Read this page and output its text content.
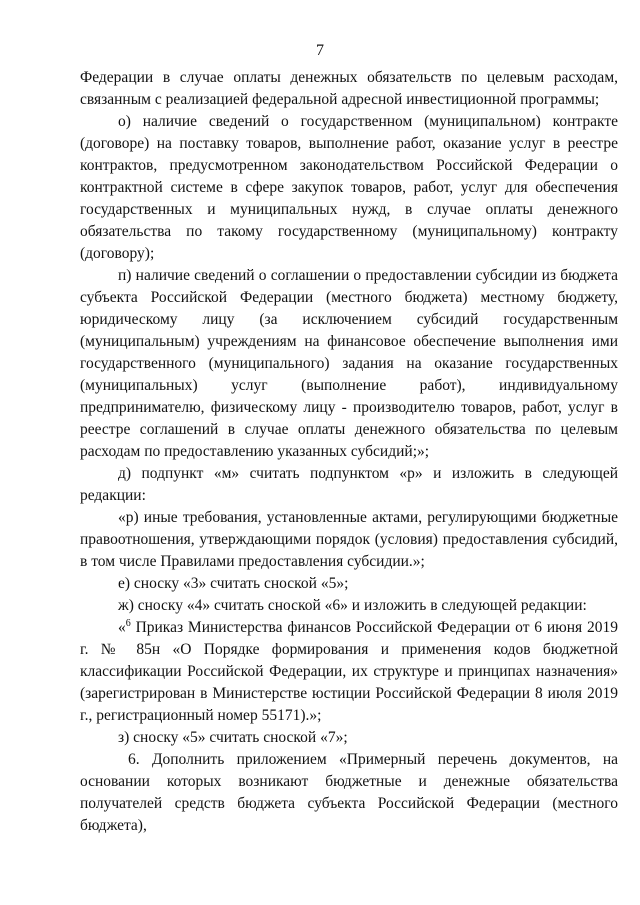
7

Федерации в случае оплаты денежных обязательств по целевым расходам, связанным с реализацией федеральной адресной инвестиционной программы;

о) наличие сведений о государственном (муниципальном) контракте (договоре) на поставку товаров, выполнение работ, оказание услуг в реестре контрактов, предусмотренном законодательством Российской Федерации о контрактной системе в сфере закупок товаров, работ, услуг для обеспечения государственных и муниципальных нужд, в случае оплаты денежного обязательства по такому государственному (муниципальному) контракту (договору);

п) наличие сведений о соглашении о предоставлении субсидии из бюджета субъекта Российской Федерации (местного бюджета) местному бюджету, юридическому лицу (за исключением субсидий государственным (муниципальным) учреждениям на финансовое обеспечение выполнения ими государственного (муниципального) задания на оказание государственных (муниципальных) услуг (выполнение работ), индивидуальному предпринимателю, физическому лицу - производителю товаров, работ, услуг в реестре соглашений в случае оплаты денежного обязательства по целевым расходам по предоставлению указанных субсидий;»;

д) подпункт «м» считать подпунктом «р» и изложить в следующей редакции:

«р) иные требования, установленные актами, регулирующими бюджетные правоотношения, утверждающими порядок (условия) предоставления субсидий, в том числе Правилами предоставления субсидии.»;

е) сноску «3» считать сноской «5»;

ж) сноску «4» считать сноской «6» и изложить в следующей редакции:

«$^6$ Приказ Министерства финансов Российской Федерации от 6 июня 2019 г. № 85н «О Порядке формирования и применения кодов бюджетной классификации Российской Федерации, их структуре и принципах назначения» (зарегистрирован в Министерстве юстиции Российской Федерации 8 июля 2019 г., регистрационный номер 55171).»;

з) сноску «5» считать сноской «7»;

6. Дополнить приложением «Примерный перечень документов, на основании которых возникают бюджетные и денежные обязательства получателей средств бюджета субъекта Российской Федерации (местного бюджета),
